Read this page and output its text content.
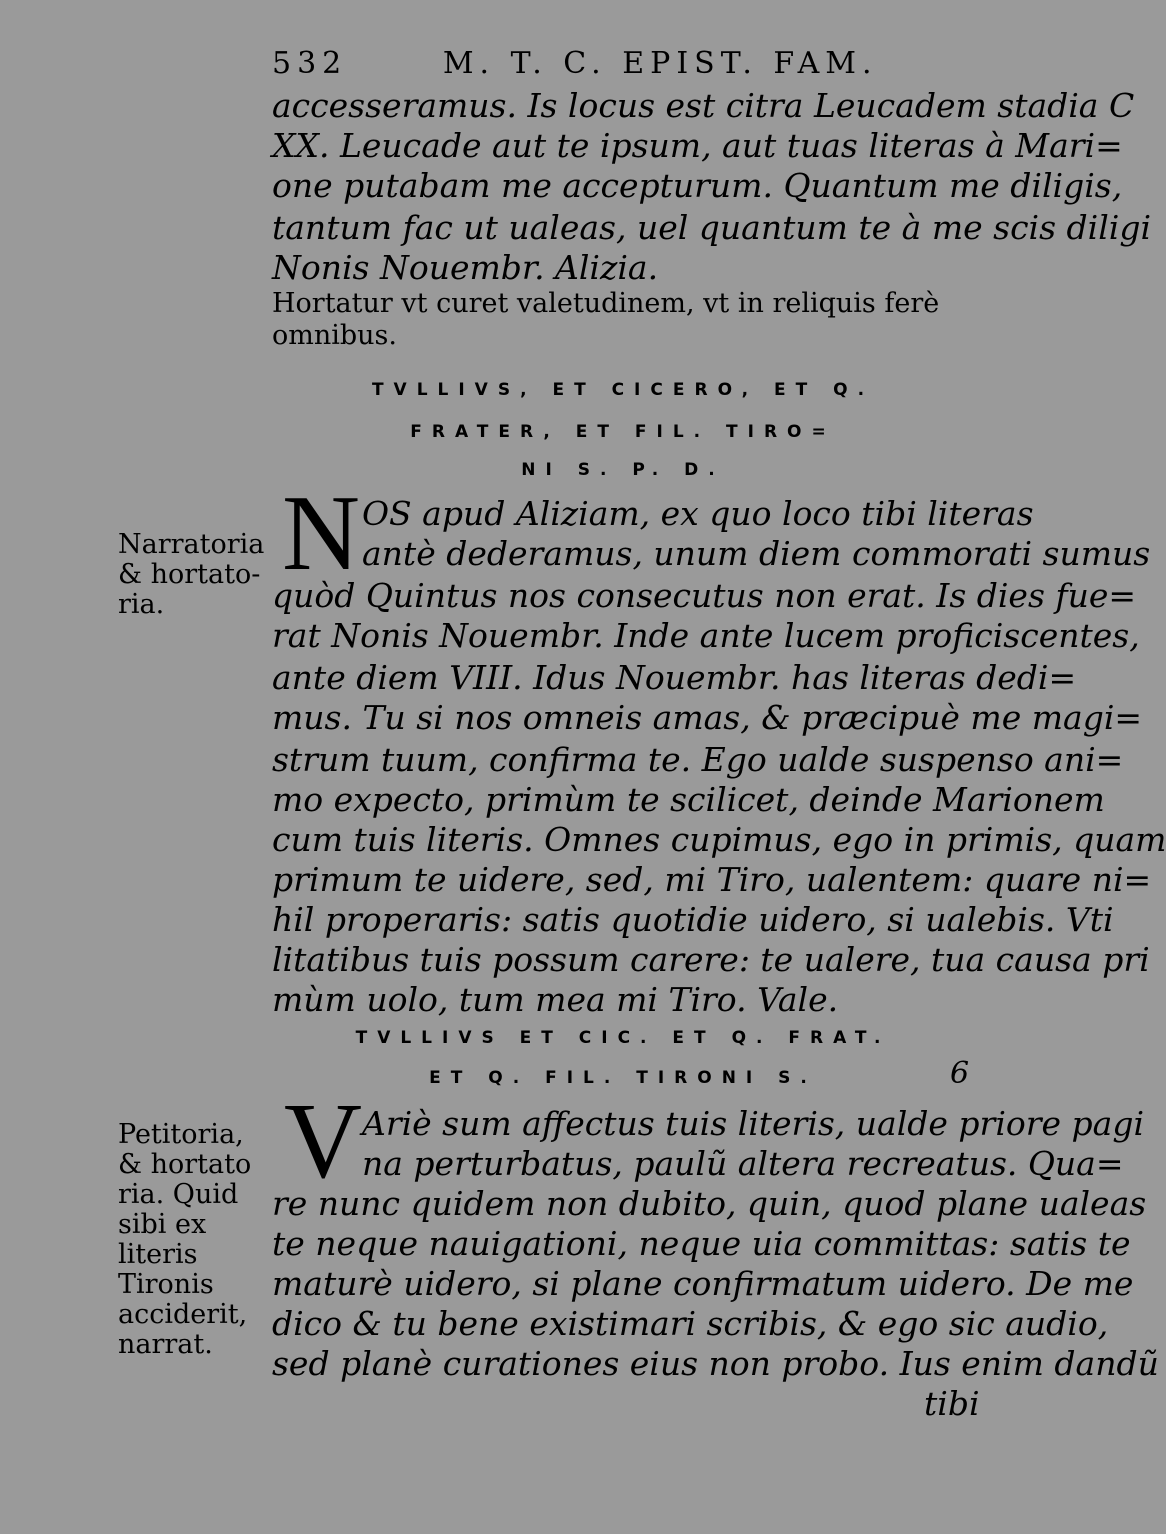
532	M. T. C. EPIST. FAM.
accesseramus. Is locus est citra Leucadem stadia C
XX. Leucade aut te ipsum, aut tuas literas à Mari=
one putabam me accepturum. Quantum me diligis,
tantum fac ut ualeas, uel quantum te à me scis diligi
Nonis Nouembr. Alizia.
Hortatur vt curet valetudinem, vt in reliquis ferè
omnibus.
TVLLIVS, ET CICERO, ET Q.
FRATER, ET FIL. TIRO=
NI S. P. D.
Narratoria & hortato-ria.
N OS apud Aliziam, ex quo loco tibi literas
antè dederamus, unum diem commorati sumus
quòd Quintus nos consecutus non erat. Is dies fue=
rat Nonis Nouembr. Inde ante lucem proficiscentes,
ante diem VIII. Idus Nouembr. has literas dedi=
mus. Tu si nos omneis amas, & præcipuè me magi=
strum tuum, confirma te. Ego ualde suspenso ani=
mo expecto, primùm te scilicet, deinde Marionem
cum tuis literis. Omnes cupimus, ego in primis, quam
primum te uidere, sed, mi Tiro, ualentem: quare ni=
hil properaris: satis quotidie uidero, si ualebis. Vti
litatibus tuis possum carere: te ualere, tua causa pri
mùm uolo, tum mea mi Tiro. Vale.
TVLLIVS ET CIC. ET Q. FRAT.
ET Q. FIL. TIRONI S.	6
Petitoria, & hortato ria. Quid sibi ex literis Tironis acciderit, narrat.
V Ariè sum affectus tuis literis, ualde priore pagi
na perturbatus, paulũ altera recreatus. Qua=
re nunc quidem non dubito, quin, quod plane ualeas
te neque nauigationi, neque uia committas: satis te
maturè uidero, si plane confirmatum uidero. De me
dico & tu bene existimari scribis, & ego sic audio,
sed planè curationes eius non probo. Ius enim dandũ
tibi
